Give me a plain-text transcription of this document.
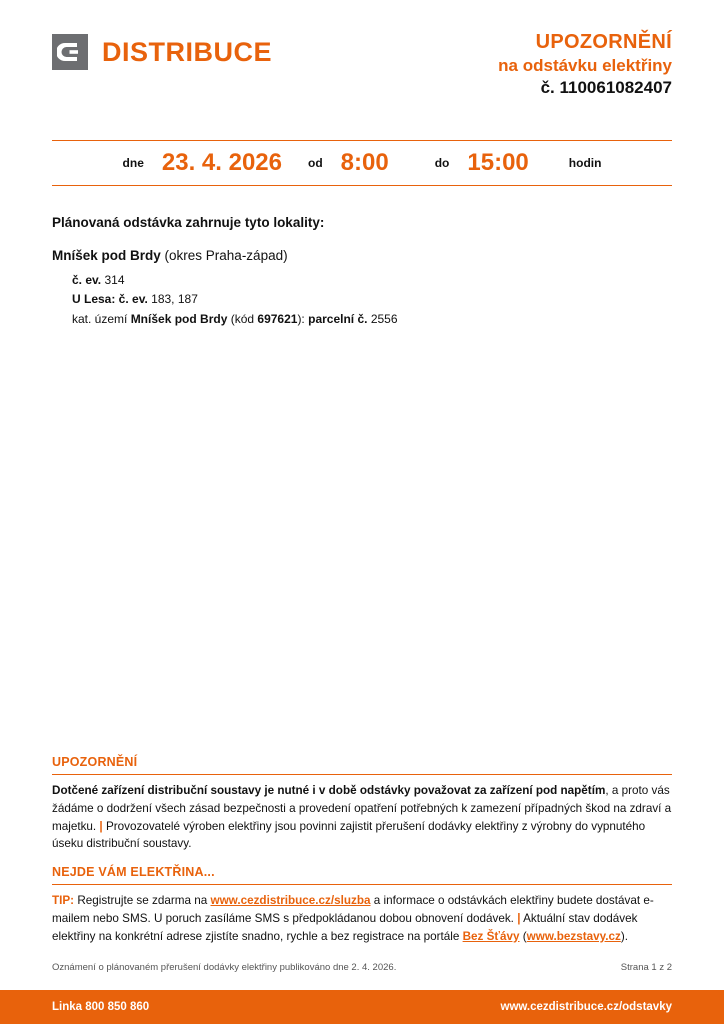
DISTRIBUCE	UPOZORNĚNÍ
na odstávku elektřiny
č. 110061082407
dne 23. 4. 2026 od 8:00	do 15:00	hodin
Plánovaná odstávka zahrnuje tyto lokality:
Mníšek pod Brdy (okres Praha-západ)
č. ev. 314
U Lesa: č. ev. 183, 187
kat. území Mníšek pod Brdy (kód 697621): parcelní č. 2556
UPOZORNĚNÍ
Dotčené zařízení distribuční soustavy je nutné i v době odstávky považovat za zařízení pod napětím, a proto vás žádáme o dodržení všech zásad bezpečnosti a provedení opatření potřebných k zamezení případných škod na zdraví a majetku. | Provozovatelé výroben elektřiny jsou povinni zajistit přerušení dodávky elektřiny z výrobny do vypnutého úseku distribuční soustavy.
NEJDE VÁM ELEKTŘINA...
TIP: Registrujte se zdarma na www.cezdistribuce.cz/sluzba a informace o odstávkách elektřiny budete dostávat e-mailem nebo SMS. U poruch zasíláme SMS s předpokládanou dobou obnovení dodávek. | Aktuální stav dodávek elektřiny na konkrétní adrese zjistíte snadno, rychle a bez registrace na portále Bez Šťávy (www.bezstavy.cz).
Oznámení o plánovaném přerušení dodávky elektřiny publikováno dne 2. 4. 2026.	Strana 1 z 2
Linka 800 850 860	www.cezdistribuce.cz/odstavky
